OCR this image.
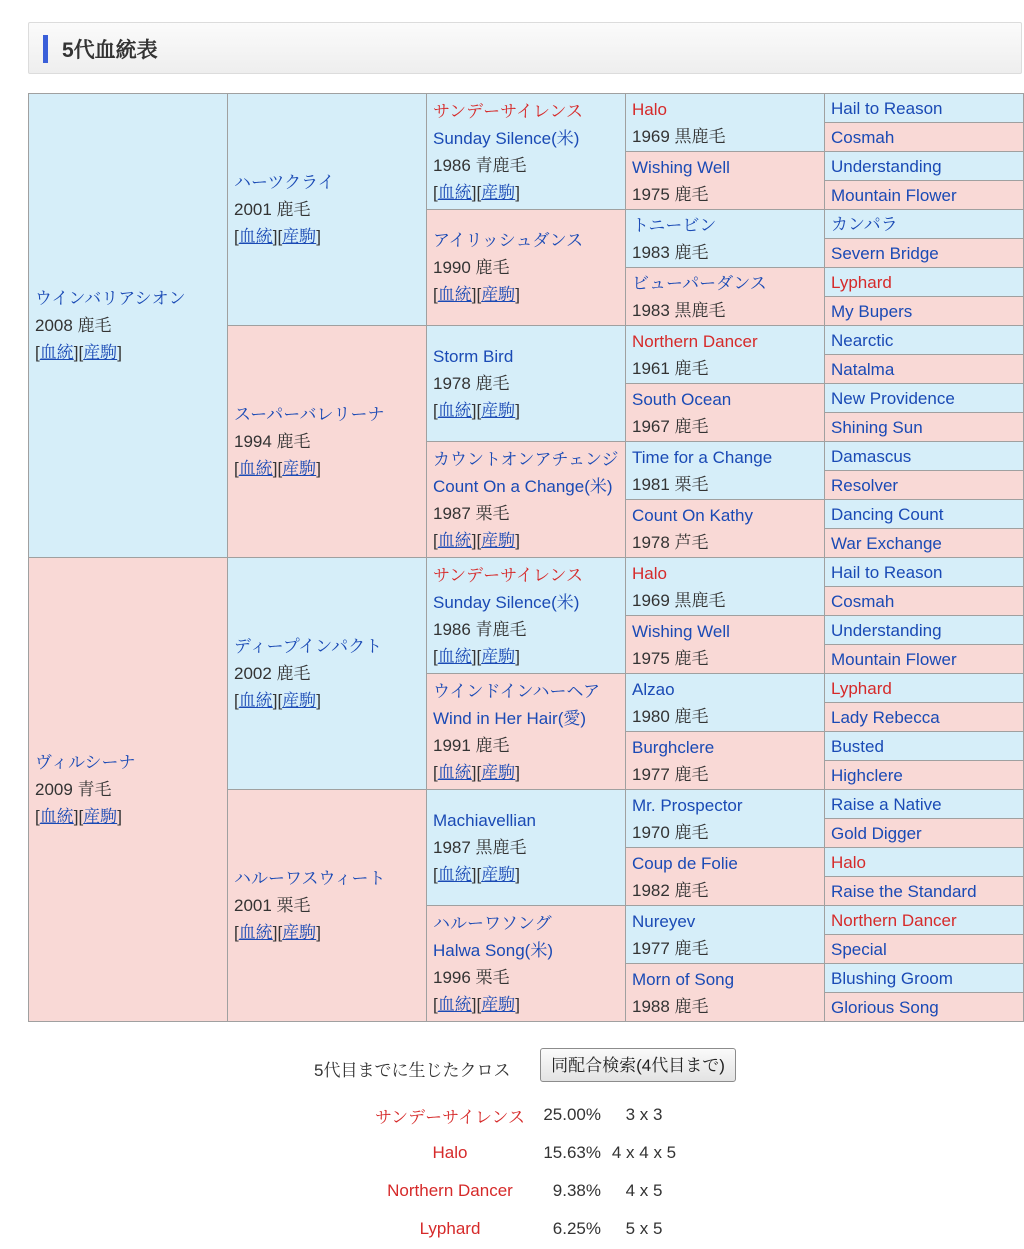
5代血統表
ウインバリアシオン
2008 鹿毛
[血統][産駒]	ハーツクライ
2001 鹿毛
[血統][産駒]	サンデーサイレンス
Sunday Silence(米)
1986 青鹿毛
[血統][産駒]	Halo
1969 黒鹿毛	Hail to Reason

				Cosmah

			Wishing Well
1975 鹿毛	Understanding

				Mountain Flower

		アイリッシュダンス
1990 鹿毛
[血統][産駒]	トニービン
1983 鹿毛	カンパラ

				Severn Bridge

			ビューパーダンス
1983 黒鹿毛	Lyphard

				My Bupers

	スーパーバレリーナ
1994 鹿毛
[血統][産駒]	Storm Bird
1978 鹿毛
[血統][産駒]	Northern Dancer
1961 鹿毛	Nearctic

				Natalma

			South Ocean
1967 鹿毛	New Providence

				Shining Sun

		カウントオンアチェンジ
Count On a Change(米)
1987 栗毛
[血統][産駒]	Time for a Change
1981 栗毛	Damascus

				Resolver

			Count On Kathy
1978 芦毛	Dancing Count

				War Exchange

ヴィルシーナ
2009 青毛
[血統][産駒]	ディープインパクト
2002 鹿毛
[血統][産駒]	サンデーサイレンス
Sunday Silence(米)
1986 青鹿毛
[血統][産駒]	Halo
1969 黒鹿毛	Hail to Reason

				Cosmah

			Wishing Well
1975 鹿毛	Understanding

				Mountain Flower

		ウインドインハーヘア
Wind in Her Hair(愛)
1991 鹿毛
[血統][産駒]	Alzao
1980 鹿毛	Lyphard

				Lady Rebecca

			Burghclere
1977 鹿毛	Busted

				Highclere

	ハルーワスウィート
2001 栗毛
[血統][産駒]	Machiavellian
1987 黒鹿毛
[血統][産駒]	Mr. Prospector
1970 鹿毛	Raise a Native

				Gold Digger

			Coup de Folie
1982 鹿毛	Halo

				Raise the Standard

		ハルーワソング
Halwa Song(米)
1996 栗毛
[血統][産駒]	Nureyev
1977 鹿毛	Northern Dancer

				Special

			Morn of Song
1988 鹿毛	Blushing Groom

				Glorious Song
5代目までに生じたクロス	同配合検索(4代目まで)
サンデーサイレンス	25.00%	3 x 3
Halo	15.63%	4 x 4 x 5
Northern Dancer	9.38%	4 x 5
Lyphard	6.25%	5 x 5
